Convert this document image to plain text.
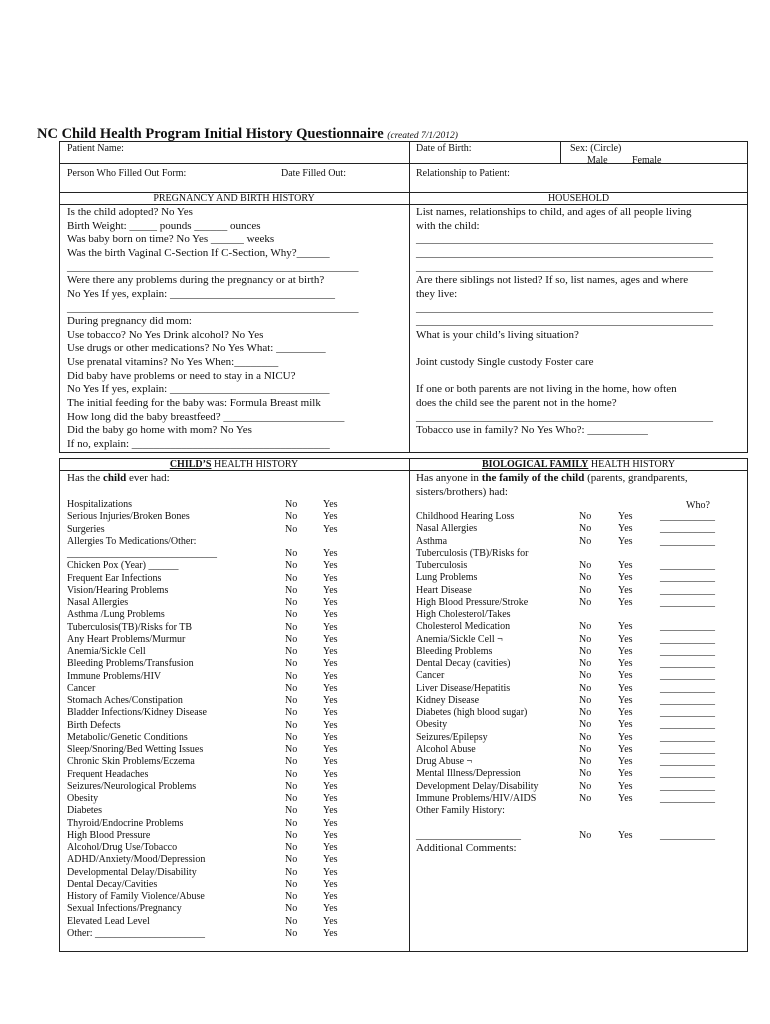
NC Child Health Program Initial History Questionnaire (created 7/1/2012)
Patient Name:	Date of Birth:	Sex: (Circle)
Male Female
Person Who Filled Out Form:	Date Filled Out:	Relationship to Patient:
PREGNANCY AND BIRTH HISTORY	HOUSEHOLD
Is the child adopted? No Yes
Birth Weight: _____ pounds ______ ounces
Was baby born on time? No Yes ______ weeks
Was the birth Vaginal C-Section If C-Section, Why?______
_____________________________________________________
Were there any problems during the pregnancy or at birth?
No Yes If yes, explain: ______________________________
_____________________________________________________
During pregnancy did mom:
Use tobacco? No Yes Drink alcohol? No Yes
Use drugs or other medications? No Yes What: _________
Use prenatal vitamins? No Yes When:________
Did baby have problems or need to stay in a NICU?
No Yes If yes, explain: _____________________________
The initial feeding for the baby was: Formula Breast milk
How long did the baby breastfeed? ______________________
Did the baby go home with mom? No Yes
If no, explain: ____________________________________
List names, relationships to child, and ages of all people living
with the child:
______________________________________________________
______________________________________________________
______________________________________________________
Are there siblings not listed? If so, list names, ages and where
they live:
______________________________________________________
______________________________________________________
What is your child’s living situation?
Joint custody Single custody Foster care
If one or both parents are not living in the home, how often
does the child see the parent not in the home?
______________________________________________________
Tobacco use in family? No Yes Who?: ___________
CHILD’S HEALTH HISTORY	BIOLOGICAL FAMILY HEALTH HISTORY
Has the child ever had:	Has anyone in the family of the child (parents, grandparents,
sisters/brothers) had:
Who?
Hospitalizations	No	Yes
Serious Injuries/Broken Bones	No	Yes
Surgeries	No	Yes
Allergies To Medications/Other:
______________________________	No	Yes
Chicken Pox (Year) ______	No	Yes
Frequent Ear Infections	No	Yes
Vision/Hearing Problems	No	Yes
Nasal Allergies	No	Yes
Asthma /Lung Problems	No	Yes
Tuberculosis(TB)/Risks for TB	No	Yes
Any Heart Problems/Murmur	No	Yes
Anemia/Sickle Cell	No	Yes
Bleeding Problems/Transfusion	No	Yes
Immune Problems/HIV	No	Yes
Cancer	No	Yes
Stomach Aches/Constipation	No	Yes
Bladder Infections/Kidney Disease	No	Yes
Birth Defects	No	Yes
Metabolic/Genetic Conditions	No	Yes
Sleep/Snoring/Bed Wetting Issues	No	Yes
Chronic Skin Problems/Eczema	No	Yes
Frequent Headaches	No	Yes
Seizures/Neurological Problems	No	Yes
Obesity	No	Yes
Diabetes	No	Yes
Thyroid/Endocrine Problems	No	Yes
High Blood Pressure	No	Yes
Alcohol/Drug Use/Tobacco	No	Yes
ADHD/Anxiety/Mood/Depression	No	Yes
Developmental Delay/Disability	No	Yes
Dental Decay/Cavities	No	Yes
History of Family Violence/Abuse	No	Yes
Sexual Infections/Pregnancy	No	Yes
Elevated Lead Level	No	Yes
Other: ______________________	No	Yes
Childhood Hearing Loss	No	Yes	___________
Nasal Allergies	No	Yes	___________
Asthma	No	Yes	___________
Tuberculosis (TB)/Risks for
Tuberculosis	No	Yes	___________
Lung Problems	No	Yes	___________
Heart Disease	No	Yes	___________
High Blood Pressure/Stroke	No	Yes	___________
High Cholesterol/Takes
Cholesterol Medication	No	Yes	___________
Anemia/Sickle Cell ¬	No	Yes	___________
Bleeding Problems	No	Yes	___________
Dental Decay (cavities)	No	Yes	___________
Cancer	No	Yes	___________
Liver Disease/Hepatitis	No	Yes	___________
Kidney Disease	No	Yes	___________
Diabetes (high blood sugar)	No	Yes	___________
Obesity	No	Yes	___________
Seizures/Epilepsy	No	Yes	___________
Alcohol Abuse	No	Yes	___________
Drug Abuse ¬	No	Yes	___________
Mental Illness/Depression	No	Yes	___________
Development Delay/Disability	No	Yes	___________
Immune Problems/HIV/AIDS	No	Yes	___________
Other Family History:
_____________________	No	Yes	___________
Additional Comments:
